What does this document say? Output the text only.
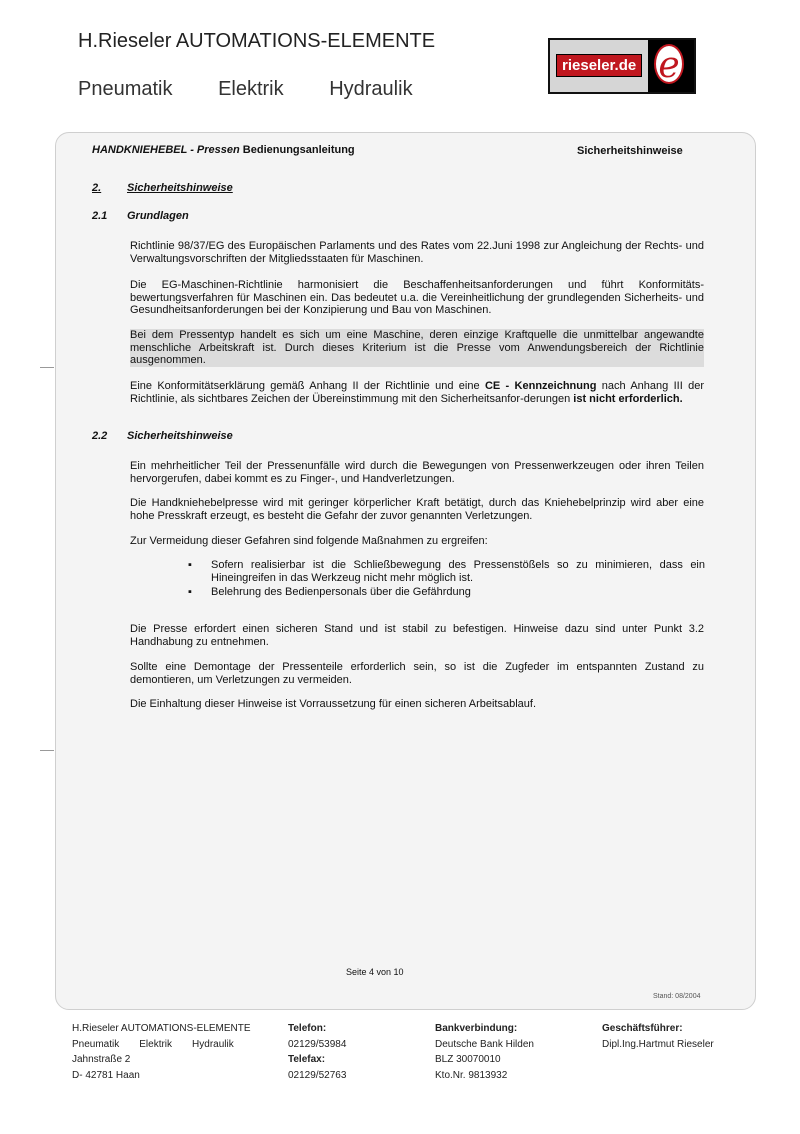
H.Rieseler AUTOMATIONS-ELEMENTE
Pneumatik Elektrik Hydraulik
rieseler.de e
HANDKNIEHEBEL - Pressen Bedienungsanleitung	Sicherheitshinweise
2. Sicherheitshinweise
2.1 Grundlagen
Richtlinie 98/37/EG des Europäischen Parlaments und des Rates vom 22.Juni 1998 zur Angleichung der Rechts- und Verwaltungsvorschriften der Mitgliedsstaaten für Maschinen.
Die EG-Maschinen-Richtlinie harmonisiert die Beschaffenheitsanforderungen und führt Konformitäts-bewertungsverfahren für Maschinen ein. Das bedeutet u.a. die Vereinheitlichung der grundlegenden Sicherheits- und Gesundheitsanforderungen bei der Konzipierung und Bau von Maschinen.
Bei dem Pressentyp handelt es sich um eine Maschine, deren einzige Kraftquelle die unmittelbar angewandte menschliche Arbeitskraft ist. Durch dieses Kriterium ist die Presse vom Anwendungsbereich der Richtlinie ausgenommen.
Eine Konformitätserklärung gemäß Anhang II der Richtlinie und eine CE - Kennzeichnung nach Anhang III der Richtlinie, als sichtbares Zeichen der Übereinstimmung mit den Sicherheitsanfor-derungen ist nicht erforderlich.
2.2 Sicherheitshinweise
Ein mehrheitlicher Teil der Pressenunfälle wird durch die Bewegungen von Pressenwerkzeugen oder ihren Teilen hervorgerufen, dabei kommt es zu Finger-, und Handverletzungen.
Die Handkniehebelpresse wird mit geringer körperlicher Kraft betätigt, durch das Kniehebelprinzip wird aber eine hohe Presskraft erzeugt, es besteht die Gefahr der zuvor genannten Verletzungen.
Zur Vermeidung dieser Gefahren sind folgende Maßnahmen zu ergreifen:
▪ Sofern realisierbar ist die Schließbewegung des Pressenstößels so zu minimieren, dass ein Hineingreifen in das Werkzeug nicht mehr möglich ist.
▪ Belehrung des Bedienpersonals über die Gefährdung
Die Presse erfordert einen sicheren Stand und ist stabil zu befestigen. Hinweise dazu sind unter Punkt 3.2 Handhabung zu entnehmen.
Sollte eine Demontage der Pressenteile erforderlich sein, so ist die Zugfeder im entspannten Zustand zu demontieren, um Verletzungen zu vermeiden.
Die Einhaltung dieser Hinweise ist Vorraussetzung für einen sicheren Arbeitsablauf.
Seite 4 von 10
Stand: 08/2004
H.Rieseler AUTOMATIONS-ELEMENTE
Pneumatik Elektrik Hydraulik
Jahnstraße 2
D- 42781 Haan
Telefon:
02129/53984
Telefax:
02129/52763
Bankverbindung:
Deutsche Bank Hilden
BLZ 30070010
Kto.Nr. 9813932
Geschäftsführer:
Dipl.Ing.Hartmut Rieseler
